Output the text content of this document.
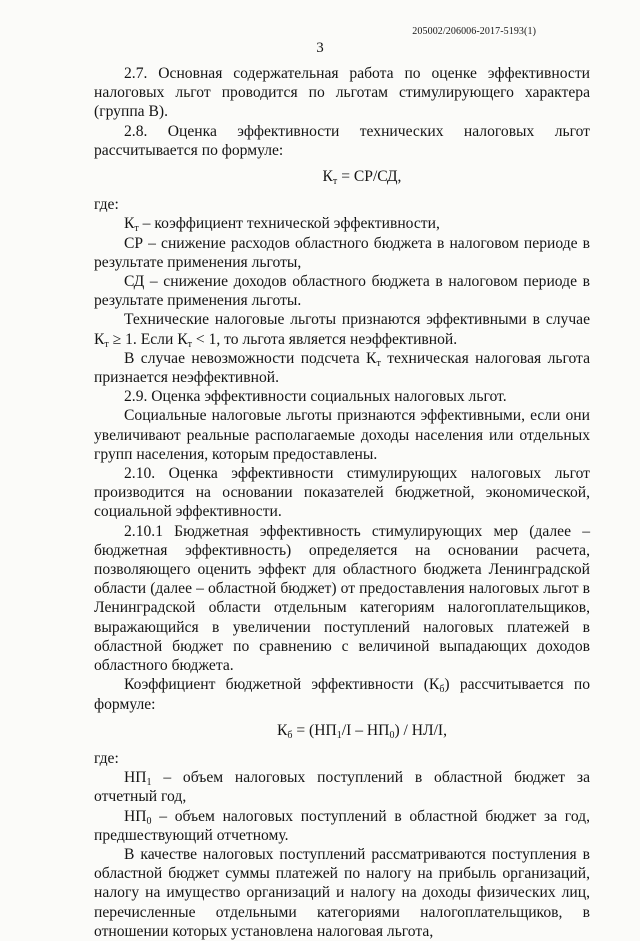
205002/206006-2017-5193(1)
3

2.7. Основная содержательная работа по оценке эффективности налоговых льгот проводится по льготам стимулирующего характера (группа В).

2.8. Оценка эффективности технических налоговых льгот рассчитывается по формуле:

$К_т = СР/СД$,

где:

$К_т$ – коэффициент технической эффективности,

СР – снижение расходов областного бюджета в налоговом периоде в результате применения льготы,

СД – снижение доходов областного бюджета в налоговом периоде в результате применения льготы.

Технические налоговые льготы признаются эффективными в случае $К_т \ge 1$. Если $К_т < 1$, то льгота является неэффективной.

В случае невозможности подсчета $К_т$ техническая налоговая льгота признается неэффективной.

2.9. Оценка эффективности социальных налоговых льгот.

Социальные налоговые льготы признаются эффективными, если они увеличивают реальные располагаемые доходы населения или отдельных групп населения, которым предоставлены.

2.10. Оценка эффективности стимулирующих налоговых льгот производится на основании показателей бюджетной, экономической, социальной эффективности.

2.10.1 Бюджетная эффективность стимулирующих мер (далее – бюджетная эффективность) определяется на основании расчета, позволяющего оценить эффект для областного бюджета Ленинградской области (далее – областной бюджет) от предоставления налоговых льгот в Ленинградской области отдельным категориям налогоплательщиков, выражающийся в увеличении поступлений налоговых платежей в областной бюджет по сравнению с величиной выпадающих доходов областного бюджета.

Коэффициент бюджетной эффективности $(К_б)$ рассчитывается по формуле:

$К_б = (НП_1/I - НП_0) / НЛ/I$,

где:

$НП_1$ – объем налоговых поступлений в областной бюджет за отчетный год,

$НП_0$ – объем налоговых поступлений в областной бюджет за год, предшествующий отчетному.

В качестве налоговых поступлений рассматриваются поступления в областной бюджет суммы платежей по налогу на прибыль организаций, налогу на имущество организаций и налогу на доходы физических лиц, перечисленные отдельными категориями налогоплательщиков, в отношении которых установлена налоговая льгота,
